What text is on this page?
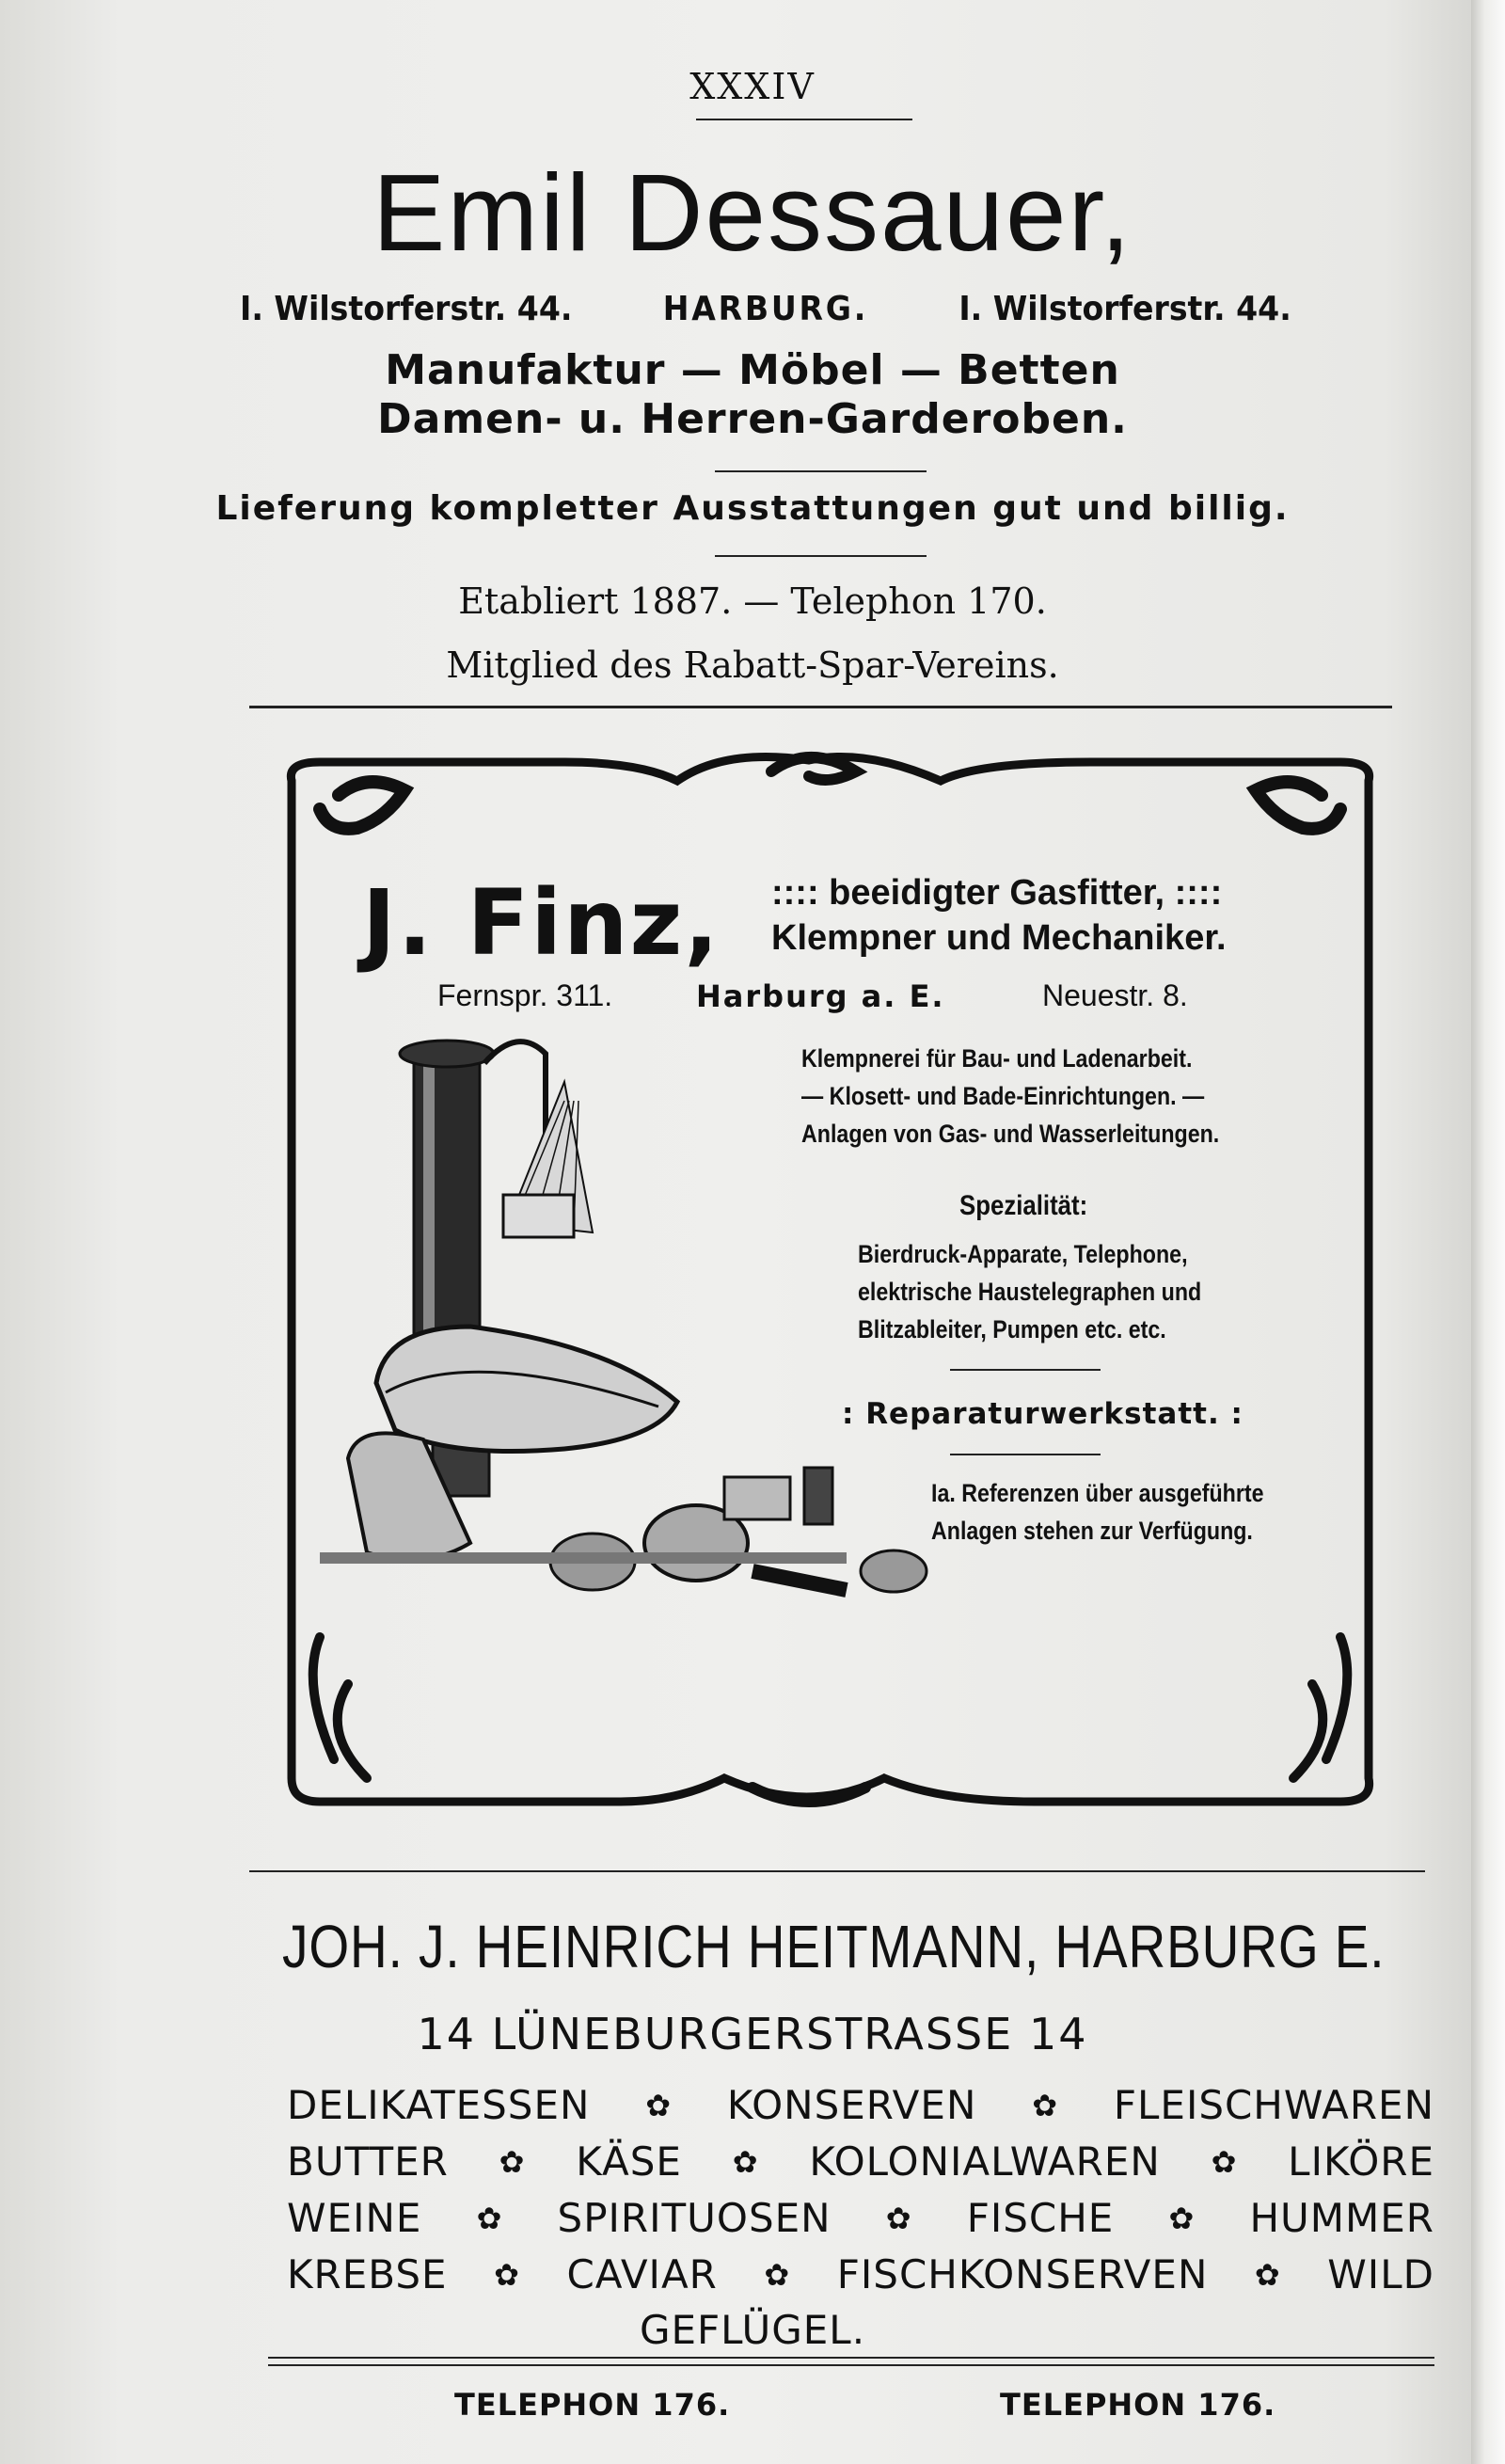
XXXIV
Emil Dessauer,
I. Wilstorferstr. 44.	HARBURG.	I. Wilstorferstr. 44.
Manufaktur — Möbel — Betten
Damen- u. Herren-Garderoben.
Lieferung kompletter Ausstattungen gut und billig.
Etabliert 1887. — Telephon 170.
Mitglied des Rabatt-Spar-Vereins.
J. Finz, :::: beeidigter Gasfitter, ::::
Klempner und Mechaniker.
Fernspr. 311.	Harburg a. E.	Neuestr. 8.
Klempnerei für Bau- und Ladenarbeit.
— Klosett- und Bade-Einrichtungen. —
Anlagen von Gas- und Wasserleitungen.
Spezialität:
Bierdruck-Apparate, Telephone,
elektrische Haustelegraphen und
Blitzableiter, Pumpen etc. etc.
: Reparaturwerkstatt. :
Ia. Referenzen über ausgeführte
Anlagen stehen zur Verfügung.
JOH. J. HEINRICH HEITMANN, HARBURG E.
14 LÜNEBURGERSTRASSE 14
DELIKATESSEN ✿ KONSERVEN ✿ FLEISCHWAREN
BUTTER ✿ KÄSE ✿ KOLONIALWAREN ✿ LIKÖRE
WEINE ✿ SPIRITUOSEN ✿ FISCHE ✿ HUMMER
KREBSE ✿ CAVIAR ✿ FISCHKONSERVEN ✿ WILD
GEFLÜGEL.
TELEPHON 176.	TELEPHON 176.
